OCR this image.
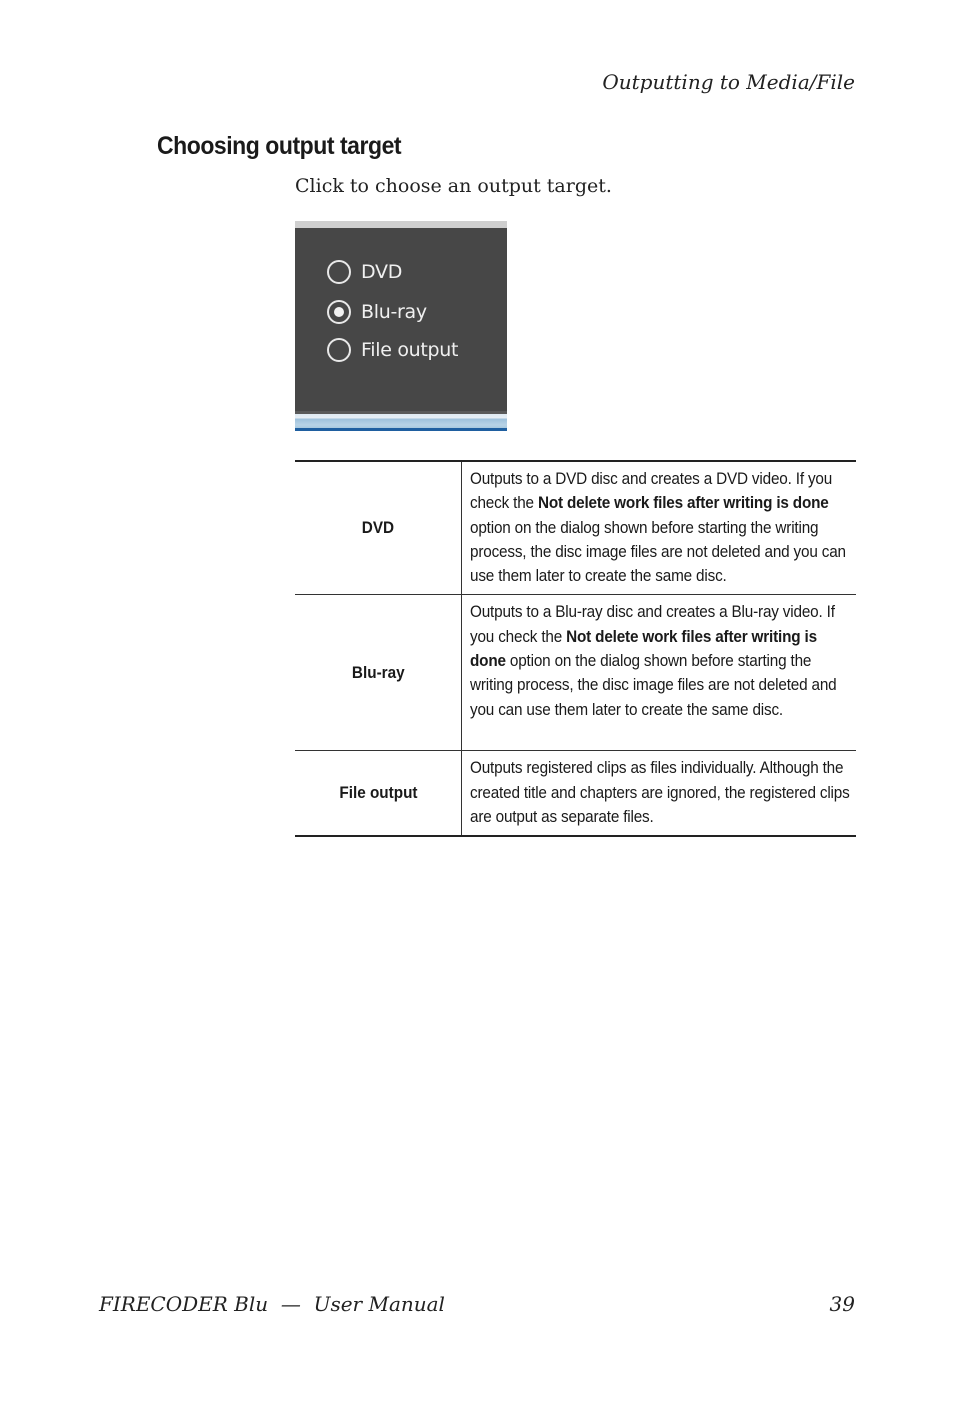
Outputting to Media/File
Choosing output target

Click to choose an output target.

DVD
Blu-ray
File output
DVD	Outputs to a DVD disc and creates a DVD video. If you check the Not delete work files after writing is done option on the dialog shown before starting the writing process, the disc image files are not deleted and you can use them later to create the same disc.

Blu-ray	Outputs to a Blu-ray disc and creates a Blu-ray video. If you check the Not delete work files after writing is done option on the dialog shown before starting the writing process, the disc image files are not deleted and you can use them later to create the same disc.

File output	Outputs registered clips as files individually. Although the created title and chapters are ignored, the registered clips are output as separate files.
FIRECODER Blu  —  User Manual	39
